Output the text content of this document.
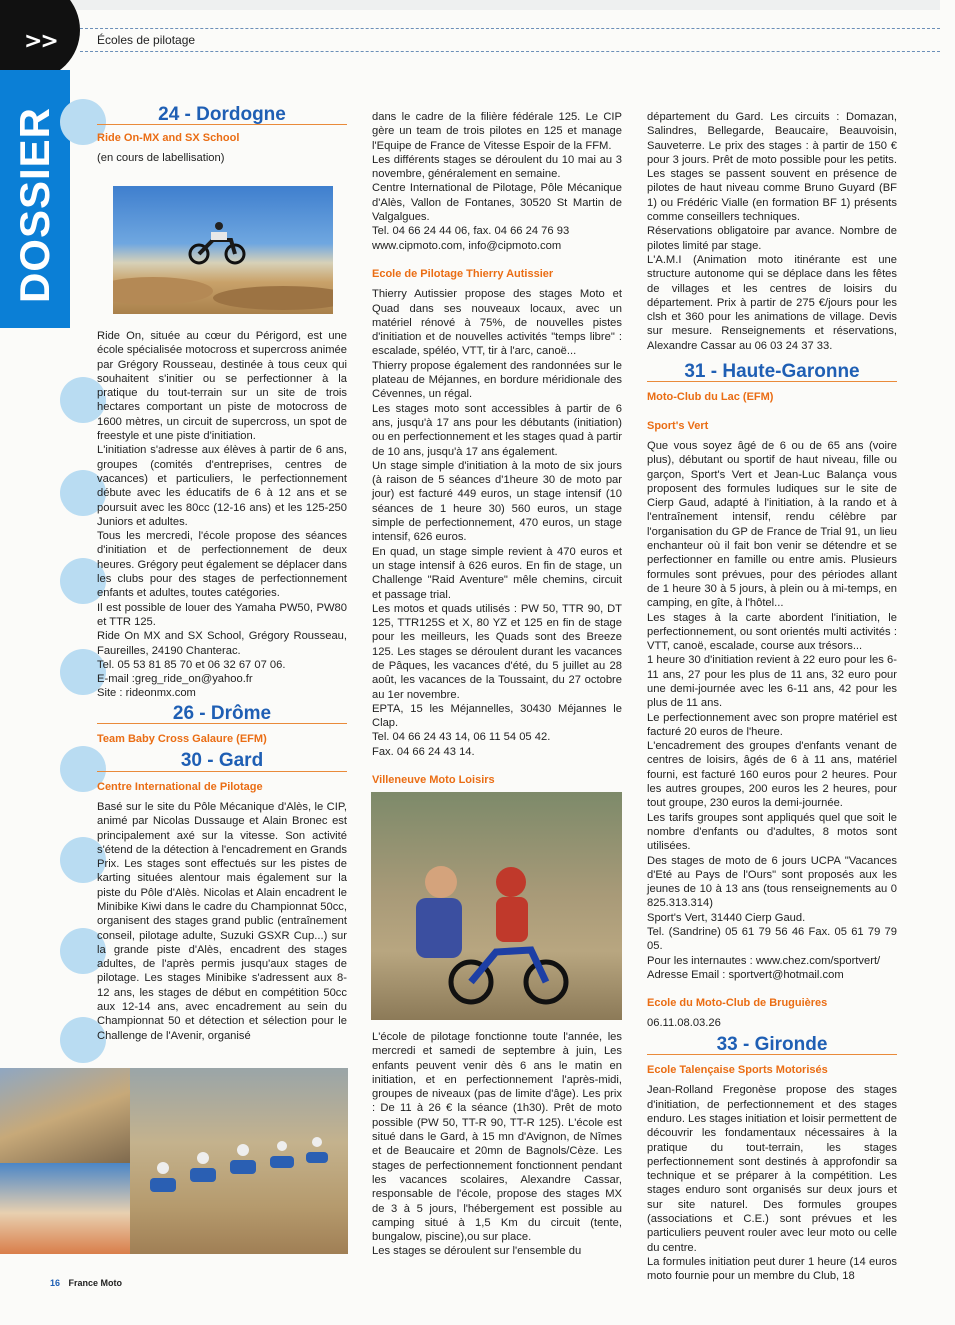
>>	Écoles de pilotage
DOSSIER	24 - Dordogne

Ride On-MX and SX School

(en cours de labellisation)

Ride On, située au cœur du Périgord, est une école spécialisée motocross et supercross animée par Grégory Rousseau, destinée à tous ceux qui souhaitent s'initier ou se perfectionner à la pratique du tout-terrain sur un site de trois hectares comportant un piste de motocross de 1600 mètres, un circuit de supercross, un spot de freestyle et une piste d'initiation.

L'initiation s'adresse aux élèves à partir de 6 ans, groupes (comités d'entreprises, centres de vacances) et particuliers, le perfectionnement débute avec les éducatifs de 6 à 12 ans et se poursuit avec les 80cc (12-16 ans) et les 125-250 Juniors et adultes.

Tous les mercredi, l'école propose des séances d'initiation et de perfectionnement de deux heures. Grégory peut également se déplacer dans les clubs pour des stages de perfectionnement enfants et adultes, toutes catégories.

Il est possible de louer des Yamaha PW50, PW80 et TTR 125.

Ride On MX and SX School, Grégory Rousseau, Faureilles, 24190 Chanterac.

Tel. 05 53 81 85 70 et 06 32 67 07 06.

E-mail :greg_ride_on@yahoo.fr

Site : rideonmx.com

26 - Drôme

Team Baby Cross Galaure (EFM)

30 - Gard

Centre International de Pilotage

Basé sur le site du Pôle Mécanique d'Alès, le CIP, animé par Nicolas Dussauge et Alain Bronec est principalement axé sur la vitesse. Son activité s'étend de la détection à l'encadrement en Grands Prix. Les stages sont effectués sur les pistes de karting situées alentour mais également sur la piste du Pôle d'Alès. Nicolas et Alain encadrent le Minibike Kiwi dans le cadre du Championnat 50cc, organisent des stages grand public (entraînement conseil, pilotage adulte, Suzuki GSXR Cup...) sur la grande piste d'Alès, encadrent des stages adultes, de l'après permis jusqu'aux stages de pilotage. Les stages Minibike s'adressent aux 8-12 ans, les stages de début en compétition 50cc aux 12-14 ans, avec encadrement au sein du Championnat 50 et détection et sélection pour le Challenge de l'Avenir, organisé

dans le cadre de la filière fédérale 125. Le CIP gère un team de trois pilotes en 125 et manage l'Equipe de France de Vitesse Espoir de la FFM.

Les différents stages se déroulent du 10 mai au 3 novembre, généralement en semaine.

Centre International de Pilotage, Pôle Mécanique d'Alès, Vallon de Fontanes, 30520 St Martin de Valgalgues.

Tel. 04 66 24 44 06, fax. 04 66 24 76 93

www.cipmoto.com, info@cipmoto.com

Ecole de Pilotage Thierry Autissier

Thierry Autissier propose des stages Moto et Quad dans ses nouveaux locaux, avec un matériel rénové à 75%, de nouvelles pistes d'initiation et de nouvelles activités "temps libre" : escalade, spéléo, VTT, tir à l'arc, canoë...

Thierry propose également des randonnées sur le plateau de Méjannes, en bordure méridionale des Cévennes, un régal.

Les stages moto sont accessibles à partir de 6 ans, jusqu'à 17 ans pour les débutants (initiation) ou en perfectionnement et les stages quad à partir de 10 ans, jusqu'à 17 ans également.

Un stage simple d'initiation à la moto de six jours (à raison de 5 séances d'1heure 30 de moto par jour) est facturé 449 euros, un stage intensif (10 séances de 1 heure 30) 560 euros, un stage simple de perfectionnement, 470 euros, un stage intensif, 626 euros.

En quad, un stage simple revient à 470 euros et un stage intensif à 626 euros. En fin de stage, un Challenge "Raid Aventure" mêle chemins, circuit et passage trial.

Les motos et quads utilisés : PW 50, TTR 90, DT 125, TTR125S et X, 80 YZ et 125 en fin de stage pour les meilleurs, les Quads sont des Breeze 125. Les stages se déroulent durant les vacances de Pâques, les vacances d'été, du 5 juillet au 28 août, les vacances de la Toussaint, du 27 octobre au 1er novembre.

EPTA, 15 les Méjannelles, 30430 Méjannes le Clap.

Tel. 04 66 24 43 14, 06 11 54 05 42.

Fax. 04 66 24 43 14.

Villeneuve Moto Loisirs

L'école de pilotage fonctionne toute l'année, les mercredi et samedi de septembre à juin, Les enfants peuvent venir dès 6 ans le matin en initiation, et en perfectionnement l'après-midi, groupes de niveaux (pas de limite d'âge). Les prix : De 11 à 26 € la séance (1h30). Prêt de moto possible (PW 50, TT-R 90, TT-R 125). L'école est situé dans le Gard, à 15 mn d'Avignon, de Nîmes et de Beaucaire et 20mn de Bagnols/Cèze. Les stages de perfectionnement fonctionnent pendant les vacances scolaires, Alexandre Cassar, responsable de l'école, propose des stages MX de 3 à 5 jours, l'hébergement est possible au camping situé à 1,5 Km du circuit (tente, bungalow, piscine),ou sur place.

Les stages se déroulent sur l'ensemble du

département du Gard. Les circuits : Domazan, Salindres, Bellegarde, Beaucaire, Beauvoisin, Sauveterre. Le prix des stages : à partir de 150 € pour 3 jours. Prêt de moto possible pour les petits. Les stages se passent souvent en présence de pilotes de haut niveau comme Bruno Guyard (BF 1) ou Frédéric Vialle (en formation BF 1) présents comme conseillers techniques.

Réservations obligatoire par avance. Nombre de pilotes limité par stage.

L'A.M.I (Animation moto itinérante est une structure autonome qui se déplace dans les fêtes de villages et les centres de loisirs du département. Prix à partir de 275 €/jours pour les clsh et 360 pour les animations de village. Devis sur mesure. Renseignements et réservations, Alexandre Cassar au 06 03 24 37 33.

31 - Haute-Garonne

Moto-Club du Lac (EFM)

Sport's Vert

Que vous soyez âgé de 6 ou de 65 ans (voire plus), débutant ou sportif de haut niveau, fille ou garçon, Sport's Vert et Jean-Luc Balança vous proposent des formules ludiques sur le site de Cierp Gaud, adapté à l'initiation, à la rando et à l'entraînement intensif, rendu célèbre par l'organisation du GP de France de Trial 91, un lieu enchanteur où il fait bon venir se détendre et se perfectionner en famille ou entre amis. Plusieurs formules sont prévues, pour des périodes allant de 1 heure 30 à 5 jours, à plein ou à mi-temps, en camping, en gîte, à l'hôtel...

Les stages à la carte abordent l'initiation, le perfectionnement, ou sont orientés multi activités : VTT, canoë, escalade, course aux trésors...

1 heure 30 d'initiation revient à 22 euro pour les 6-11 ans, 27 pour les plus de 11 ans, 32 euro pour une demi-journée avec les 6-11 ans, 42 pour les plus de 11 ans.

Le perfectionnement avec son propre matériel est facturé 20 euros de l'heure.

L'encadrement des groupes d'enfants venant de centres de loisirs, âgés de 6 à 11 ans, matériel fourni, est facturé 160 euros pour 2 heures. Pour les autres groupes, 200 euros les 2 heures, pour tout groupe, 230 euros la demi-journée.

Les tarifs groupes sont appliqués quel que soit le nombre d'enfants ou d'adultes, 8 motos sont utilisées.

Des stages de moto de 6 jours UCPA "Vacances d'Eté au Pays de l'Ours" sont proposés aux les jeunes de 10 à 13 ans (tous renseignements au 0 825.313.314)

Sport's Vert, 31440 Cierp Gaud.

Tel. (Sandrine) 05 61 79 56 46 Fax. 05 61 79 79 05.

Pour les internautes : www.chez.com/sportvert/

Adresse Email : sportvert@hotmail.com

Ecole du Moto-Club de Bruguières

06.11.08.03.26

33 - Gironde

Ecole Talençaise Sports Motorisés

Jean-Rolland Fregonèse propose des stages d'initiation, de perfectionnement et des stages enduro. Les stages initiation et loisir permettent de découvrir les fondamentaux nécessaires à la pratique du tout-terrain, les stages perfectionnement sont destinés à approfondir sa technique et se préparer à la compétition. Les stages enduro sont organisés sur deux jours et sur site naturel. Des formules groupes (associations et C.E.) sont prévues et les particuliers peuvent rouler avec leur moto ou celle du centre.

La formules initiation peut durer 1 heure (14 euros moto fournie pour un membre du Club, 18

16 France Moto
